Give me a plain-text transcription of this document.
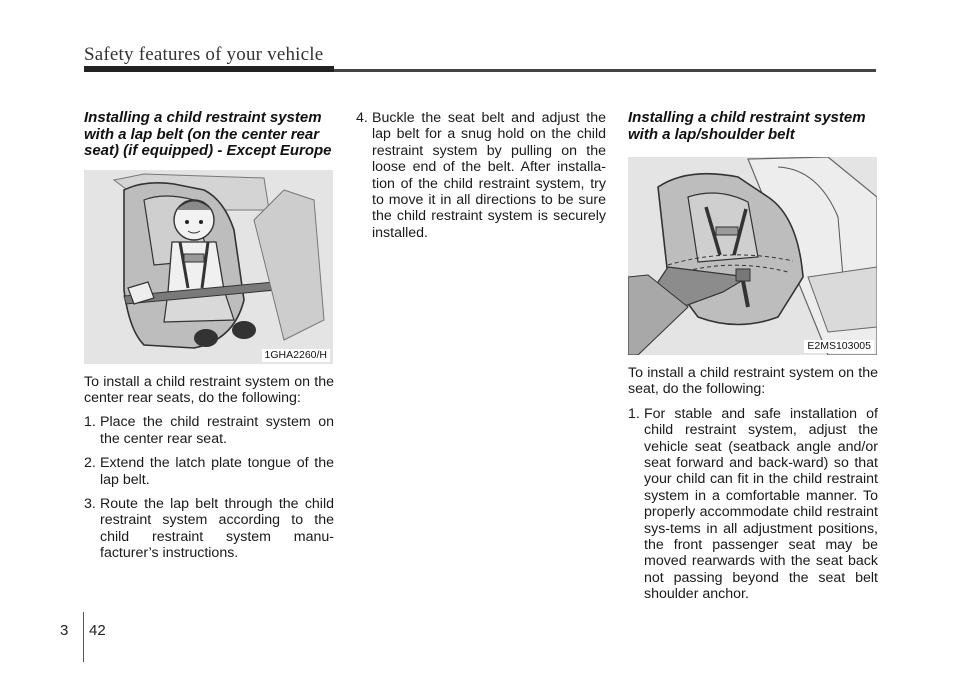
Safety features of your vehicle
Installing a child restraint system with a lap belt (on the center rear seat) (if equipped) - Except Europe
1GHA2260/H

To install a child restraint system on the center rear seats, do the following:

1. Place the child restraint system on the center rear seat.
2. Extend the latch plate tongue of the lap belt.
3. Route the lap belt through the child restraint system according to the child restraint system manu-facturer’s instructions.
4. Buckle the seat belt and adjust the lap belt for a snug hold on the child restraint system by pulling on the loose end of the belt. After installa-tion of the child restraint system, try to move it in all directions to be sure the child restraint system is securely installed.
Installing a child restraint system with a lap/shoulder belt
E2MS103005

To install a child restraint system on the seat, do the following:

1. For stable and safe installation of child restraint system, adjust the vehicle seat (seatback angle and/or seat forward and back-ward) so that your child can fit in the child restraint system in a comfortable manner. To properly accommodate child restraint sys-tems in all adjustment positions, the front passenger seat may be moved rearwards with the seat back not passing beyond the seat belt shoulder anchor.
3 42
